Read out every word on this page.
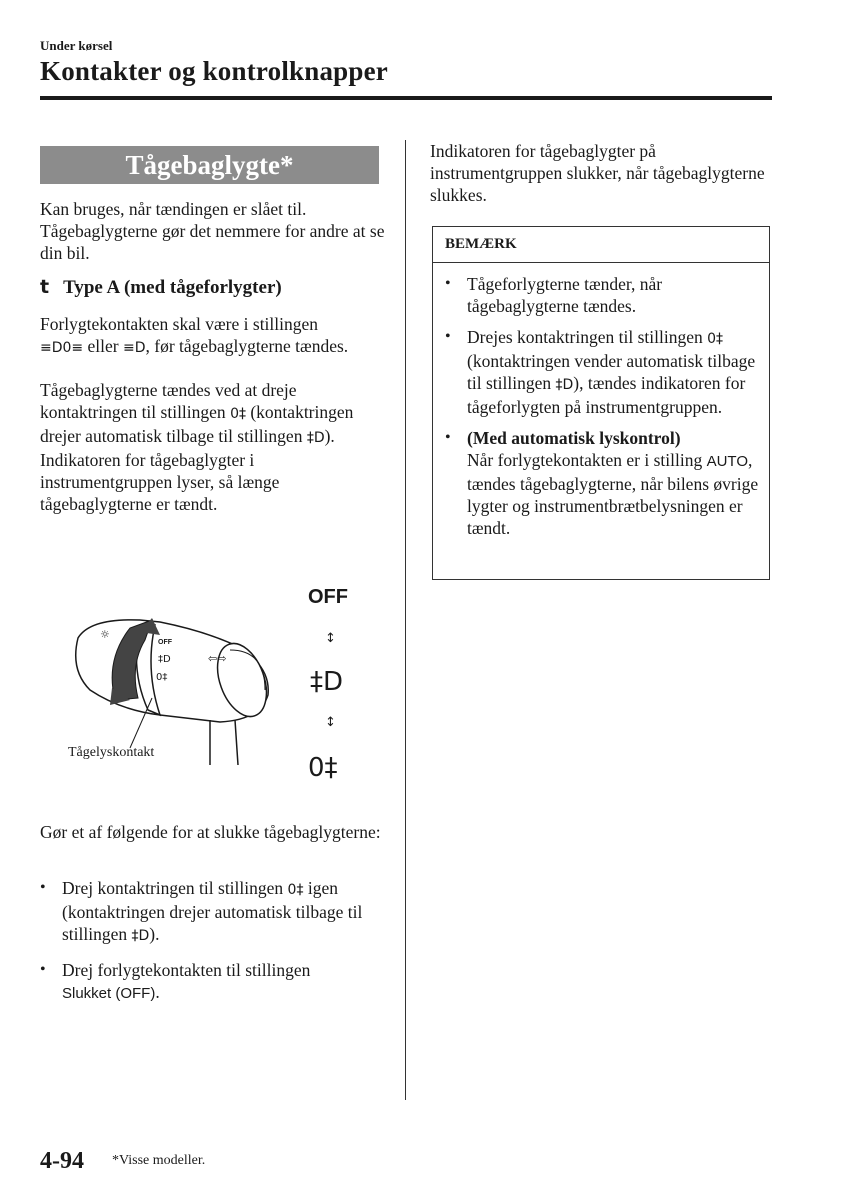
Under kørsel
Kontakter og kontrolknapper
Tågebaglygte*

Kan bruges, når tændingen er slået til. Tågebaglygterne gør det nemmere for andre at se din bil.

t Type A (med tågeforlygter)

Forlygtekontakten skal være i stillingen
≡D0≡ eller ≡D, før tågebaglygterne tændes.

Tågebaglygterne tændes ved at dreje kontaktringen til stillingen 0‡ (kontaktringen drejer automatisk tilbage til stillingen ‡D).
Indikatoren for tågebaglygter i instrumentgruppen lyser, så længe tågebaglygterne er tændt.

OFF
‡D
0‡
⇦⇨
☼
OFF
↕
‡D
↕
0‡
Tågelyskontakt

Gør et af følgende for at slukke tågebaglygterne:

• Drej kontaktringen til stillingen 0‡ igen (kontaktringen drejer automatisk tilbage til stillingen ‡D).
• Drej forlygtekontakten til stillingen
Slukket (OFF).

Indikatoren for tågebaglygter på instrumentgruppen slukker, når tågebaglygterne slukkes.

BEMÆRK
• Tågeforlygterne tænder, når tågebaglygterne tændes.
• Drejes kontaktringen til stillingen 0‡ (kontaktringen vender automatisk tilbage til stillingen ‡D), tændes indikatoren for tågeforlygten på instrumentgruppen.
• (Med automatisk lyskontrol)
Når forlygtekontakten er i stilling AUTO, tændes tågebaglygterne, når bilens øvrige lygter og instrumentbrætbelysningen er tændt.
4-94 *Visse modeller.
